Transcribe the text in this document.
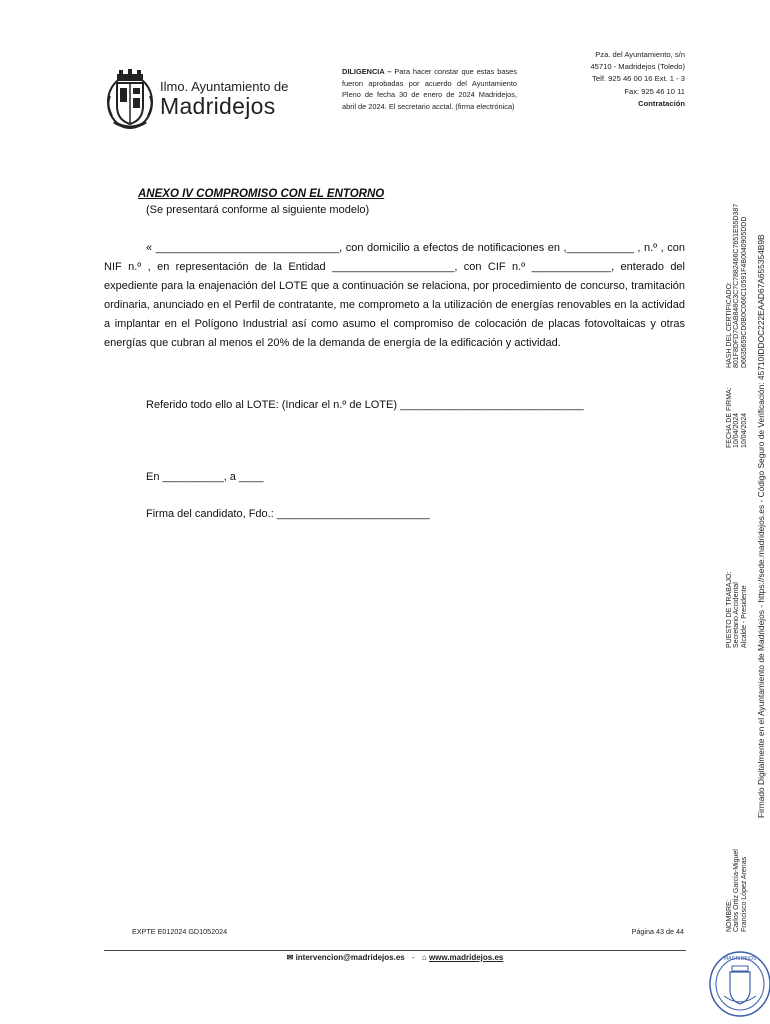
Ilmo. Ayuntamiento de
Madridejos
DILIGENCIA – Para hacer constar que estas bases fueron aprobadas por acuerdo del Ayuntamiento Pleno de fecha 30 de enero de 2024 Madridejos, abril de 2024. El secretario acctal. (firma electrónica)
Pza. del Ayuntamiento, s/n
45710 - Madridejos (Toledo)
Telf. 925 46 00 16 Ext. 1 - 3
Fax: 925 46 10 11
Contratación
ANEXO IV COMPROMISO CON EL ENTORNO
(Se presentará conforme al siguiente modelo)
« ______________________________, con domicilio a efectos de notificaciones en ,___________ , n.º , con NIF n.º , en representación de la Entidad ____________________, con CIF n.º _____________, enterado del expediente para la enajenación del LOTE que a continuación se relaciona, por procedimiento de concurso, tramitación ordinaria, anunciado en el Perfil de contratante, me comprometo a la utilización de energías renovables en la actividad a implantar en el Polígono Industrial así como asumo el compromiso de colocación de placas fotovoltaicas y otras energías que cubran al menos el 20% de la demanda de energía de la edificación y actividad.
Referido todo ello al LOTE: (Indicar el n.º de LOTE) ______________________________
En __________, a ____
Firma del candidato, Fdo.: _________________________
EXPTE E012024 GD1052024	Página 43 de 44
✉ intervencion@madridejos.es - ⌂ www.madridejos.es
Firmado Digitalmente en el Ayuntamiento de Madridejos - https://sede.madridejos.es - Código Seguro de Verificación: 45710IDDOC222EAAD67A655354B9B
HASH DEL CERTIFICADO: 801F8DFD7CAB848C3C7C7882466C7651E55D387 D6635659CD0B0C066C10591F4B0040905DDD
FECHA DE FIRMA: 10/04/2024 10/04/2024
PUESTO DE TRABAJO: Secretario Accidental Alcalde - Presidente
NOMBRE: Carlos Ortiz García-Miguel Francisco López Arenas
MADRIDEJOS
